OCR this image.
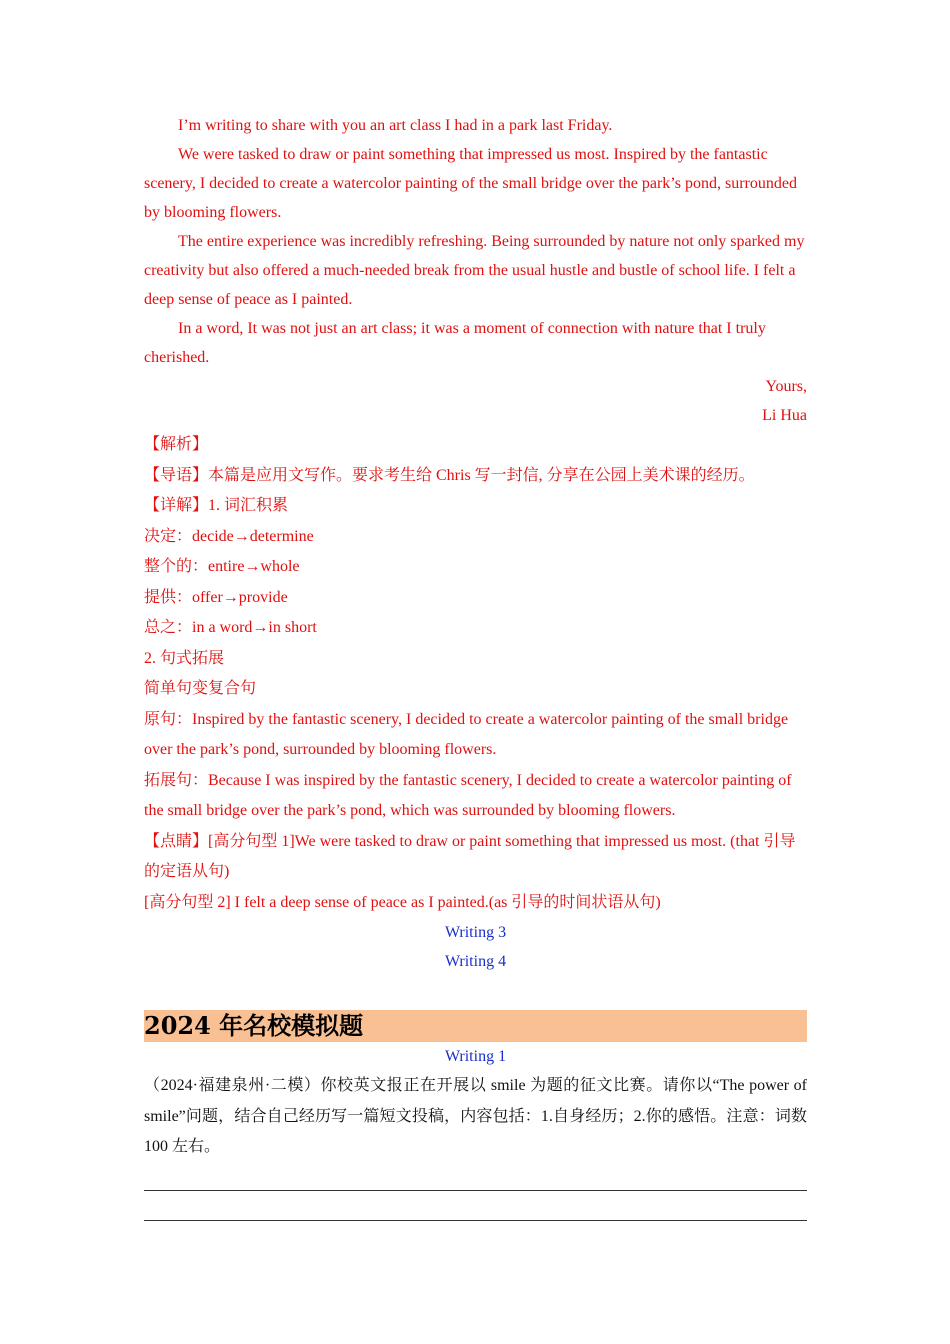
I’m writing to share with you an art class I had in a park last Friday.

We were tasked to draw or paint something that impressed us most. Inspired by the fantastic scenery, I decided to create a watercolor painting of the small bridge over the park’s pond, surrounded by blooming flowers.

The entire experience was incredibly refreshing. Being surrounded by nature not only sparked my creativity but also offered a much-needed break from the usual hustle and bustle of school life. I felt a deep sense of peace as I painted.

In a word, It was not just an art class; it was a moment of connection with nature that I truly cherished.

Yours,

Li Hua

【解析】

【导语】本篇是应用文写作。要求考生给 Chris 写一封信, 分享在公园上美术课的经历。

【详解】1. 词汇积累

决定：decide→determine

整个的：entire→whole

提供：offer→provide

总之：in a word→in short

2. 句式拓展

简单句变复合句

原句：Inspired by the fantastic scenery, I decided to create a watercolor painting of the small bridge over the park’s pond, surrounded by blooming flowers.

拓展句：Because I was inspired by the fantastic scenery, I decided to create a watercolor painting of the small bridge over the park’s pond, which was surrounded by blooming flowers.

【点睛】[高分句型 1]We were tasked to draw or paint something that impressed us most. (that 引导的定语从句)

[高分句型 2] I felt a deep sense of peace as I painted.(as 引导的时间状语从句)

Writing 3

Writing 4

2024 年名校模拟题

Writing 1

（2024·福建泉州·二模）你校英文报正在开展以 smile 为题的征文比赛。请你以“The power of smile”问题，结合自己经历写一篇短文投稿，内容包括：1.自身经历；2.你的感悟。注意：词数 100 左右。
